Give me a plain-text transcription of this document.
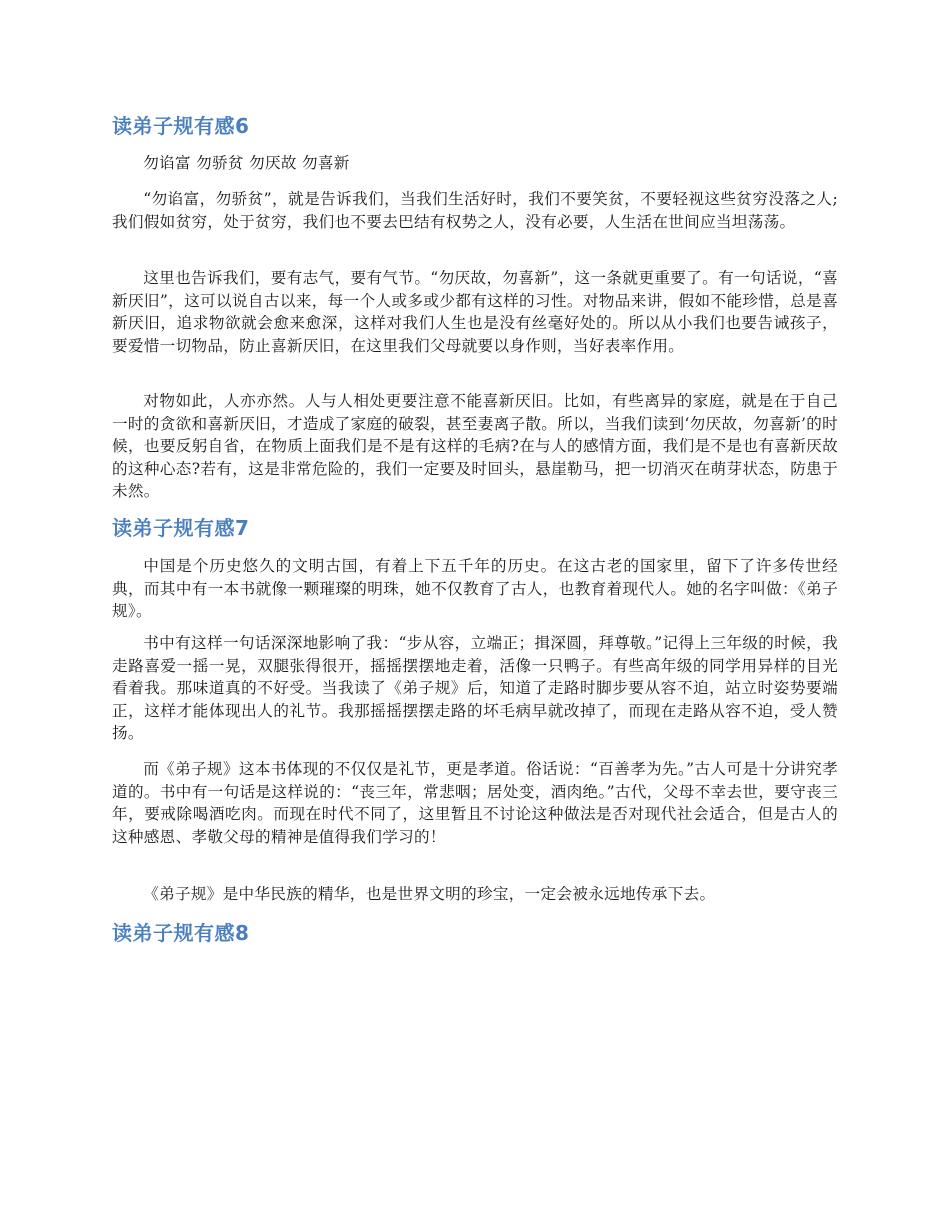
读弟子规有感6

勿谄富 勿骄贫 勿厌故 勿喜新

“勿谄富，勿骄贫”，就是告诉我们，当我们生活好时，我们不要笑贫，不要轻视这些贫穷没落之人;我们假如贫穷，处于贫穷，我们也不要去巴结有权势之人，没有必要，人生活在世间应当坦荡荡。

这里也告诉我们，要有志气，要有气节。“勿厌故，勿喜新”，这一条就更重要了。有一句话说，“喜新厌旧”，这可以说自古以来，每一个人或多或少都有这样的习性。对物品来讲，假如不能珍惜，总是喜新厌旧，追求物欲就会愈来愈深，这样对我们人生也是没有丝毫好处的。所以从小我们也要告诫孩子，要爱惜一切物品，防止喜新厌旧，在这里我们父母就要以身作则，当好表率作用。

对物如此，人亦亦然。人与人相处更要注意不能喜新厌旧。比如，有些离异的家庭，就是在于自己一时的贪欲和喜新厌旧，才造成了家庭的破裂，甚至妻离子散。所以，当我们读到‘勿厌故，勿喜新’的时候，也要反躬自省，在物质上面我们是不是有这样的毛病?在与人的感情方面，我们是不是也有喜新厌故的这种心态?若有，这是非常危险的，我们一定要及时回头，悬崖勒马，把一切消灭在萌芽状态，防患于未然。

读弟子规有感7

中国是个历史悠久的文明古国，有着上下五千年的历史。在这古老的国家里，留下了许多传世经典，而其中有一本书就像一颗璀璨的明珠，她不仅教育了古人，也教育着现代人。她的名字叫做：《弟子规》。

书中有这样一句话深深地影响了我：“步从容，立端正；揖深圆，拜尊敬。”记得上三年级的时候，我走路喜爱一摇一晃，双腿张得很开，摇摇摆摆地走着，活像一只鸭子。有些高年级的同学用异样的目光看着我。那味道真的不好受。当我读了《弟子规》后，知道了走路时脚步要从容不迫，站立时姿势要端正，这样才能体现出人的礼节。我那摇摇摆摆走路的坏毛病早就改掉了，而现在走路从容不迫，受人赞扬。

而《弟子规》这本书体现的不仅仅是礼节，更是孝道。俗话说：“百善孝为先。”古人可是十分讲究孝道的。书中有一句话是这样说的：“丧三年，常悲咽；居处变，酒肉绝。”古代，父母不幸去世，要守丧三年，要戒除喝酒吃肉。而现在时代不同了，这里暂且不讨论这种做法是否对现代社会适合，但是古人的这种感恩、孝敬父母的精神是值得我们学习的！

《弟子规》是中华民族的精华，也是世界文明的珍宝，一定会被永远地传承下去。

读弟子规有感8
